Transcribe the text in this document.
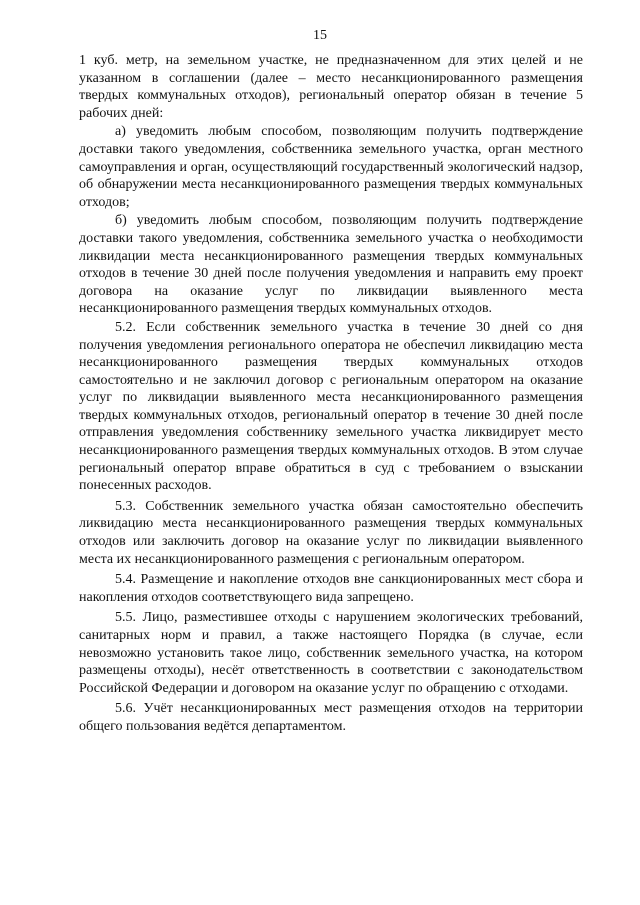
15

1 куб. метр, на земельном участке, не предназначенном для этих целей и не указанном в соглашении (далее – место несанкционированного размещения твердых коммунальных отходов), региональный оператор обязан в течение 5 рабочих дней:

а) уведомить любым способом, позволяющим получить подтверждение доставки такого уведомления, собственника земельного участка, орган местного самоуправления и орган, осуществляющий государственный экологический надзор, об обнаружении места несанкционированного размещения твердых коммунальных отходов;

б) уведомить любым способом, позволяющим получить подтверждение доставки такого уведомления, собственника земельного участка о необходимости ликвидации места несанкционированного размещения твердых коммунальных отходов в течение 30 дней после получения уведомления и направить ему проект договора на оказание услуг по ликвидации выявленного места несанкционированного размещения твердых коммунальных отходов.

5.2. Если собственник земельного участка в течение 30 дней со дня получения уведомления регионального оператора не обеспечил ликвидацию места несанкционированного размещения твердых коммунальных отходов самостоятельно и не заключил договор с региональным оператором на оказание услуг по ликвидации выявленного места несанкционированного размещения твердых коммунальных отходов, региональный оператор в течение 30 дней после отправления уведомления собственнику земельного участка ликвидирует место несанкционированного размещения твердых коммунальных отходов. В этом случае региональный оператор вправе обратиться в суд с требованием о взыскании понесенных расходов.

5.3. Собственник земельного участка обязан самостоятельно обеспечить ликвидацию места несанкционированного размещения твердых коммунальных отходов или заключить договор на оказание услуг по ликвидации выявленного места их несанкционированного размещения с региональным оператором.

5.4. Размещение и накопление отходов вне санкционированных мест сбора и накопления отходов соответствующего вида запрещено.

5.5. Лицо, разместившее отходы с нарушением экологических требований, санитарных норм и правил, а также настоящего Порядка (в случае, если невозможно установить такое лицо, собственник земельного участка, на котором размещены отходы), несёт ответственность в соответствии с законодательством Российской Федерации и договором на оказание услуг по обращению с отходами.

5.6. Учёт несанкционированных мест размещения отходов на территории общего пользования ведётся департаментом.
